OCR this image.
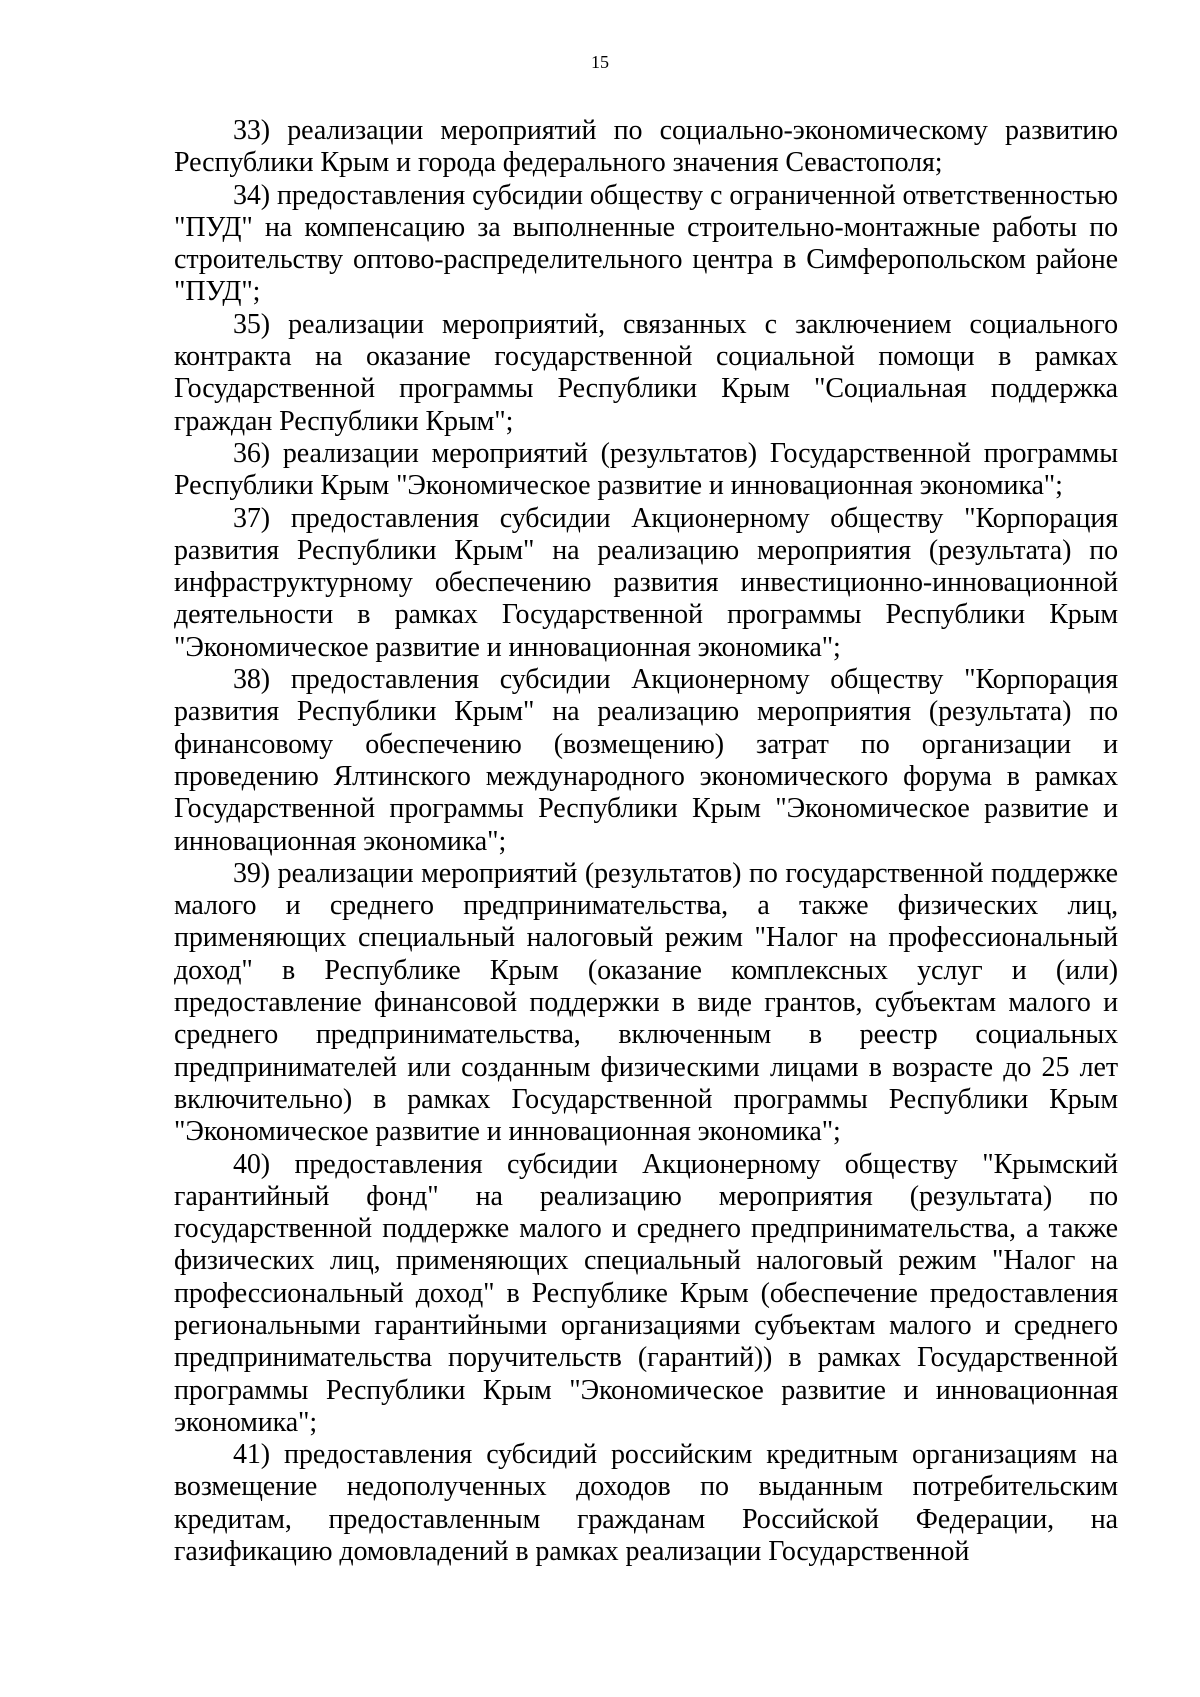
15

33) реализации мероприятий по социально-экономическому развитию Республики Крым и города федерального значения Севастополя;

34) предоставления субсидии обществу с ограниченной ответственностью "ПУД" на компенсацию за выполненные строительно-монтажные работы по строительству оптово-распределительного центра в Симферопольском районе "ПУД";

35) реализации мероприятий, связанных с заключением социального контракта на оказание государственной социальной помощи в рамках Государственной программы Республики Крым "Социальная поддержка граждан Республики Крым";

36) реализации мероприятий (результатов) Государственной программы Республики Крым "Экономическое развитие и инновационная экономика";

37) предоставления субсидии Акционерному обществу "Корпорация развития Республики Крым" на реализацию мероприятия (результата) по инфраструктурному обеспечению развития инвестиционно-инновационной деятельности в рамках Государственной программы Республики Крым "Экономическое развитие и инновационная экономика";

38) предоставления субсидии Акционерному обществу "Корпорация развития Республики Крым" на реализацию мероприятия (результата) по финансовому обеспечению (возмещению) затрат по организации и проведению Ялтинского международного экономического форума в рамках Государственной программы Республики Крым "Экономическое развитие и инновационная экономика";

39) реализации мероприятий (результатов) по государственной поддержке малого и среднего предпринимательства, а также физических лиц, применяющих специальный налоговый режим "Налог на профессиональный доход" в Республике Крым (оказание комплексных услуг и (или) предоставление финансовой поддержки в виде грантов, субъектам малого и среднего предпринимательства, включенным в реестр социальных предпринимателей или созданным физическими лицами в возрасте до 25 лет включительно) в рамках Государственной программы Республики Крым "Экономическое развитие и инновационная экономика";

40) предоставления субсидии Акционерному обществу "Крымский гарантийный фонд" на реализацию мероприятия (результата) по государственной поддержке малого и среднего предпринимательства, а также физических лиц, применяющих специальный налоговый режим "Налог на профессиональный доход" в Республике Крым (обеспечение предоставления региональными гарантийными организациями субъектам малого и среднего предпринимательства поручительств (гарантий)) в рамках Государственной программы Республики Крым "Экономическое развитие и инновационная экономика";

41) предоставления субсидий российским кредитным организациям на возмещение недополученных доходов по выданным потребительским кредитам, предоставленным гражданам Российской Федерации, на газификацию домовладений в рамках реализации Государственной
